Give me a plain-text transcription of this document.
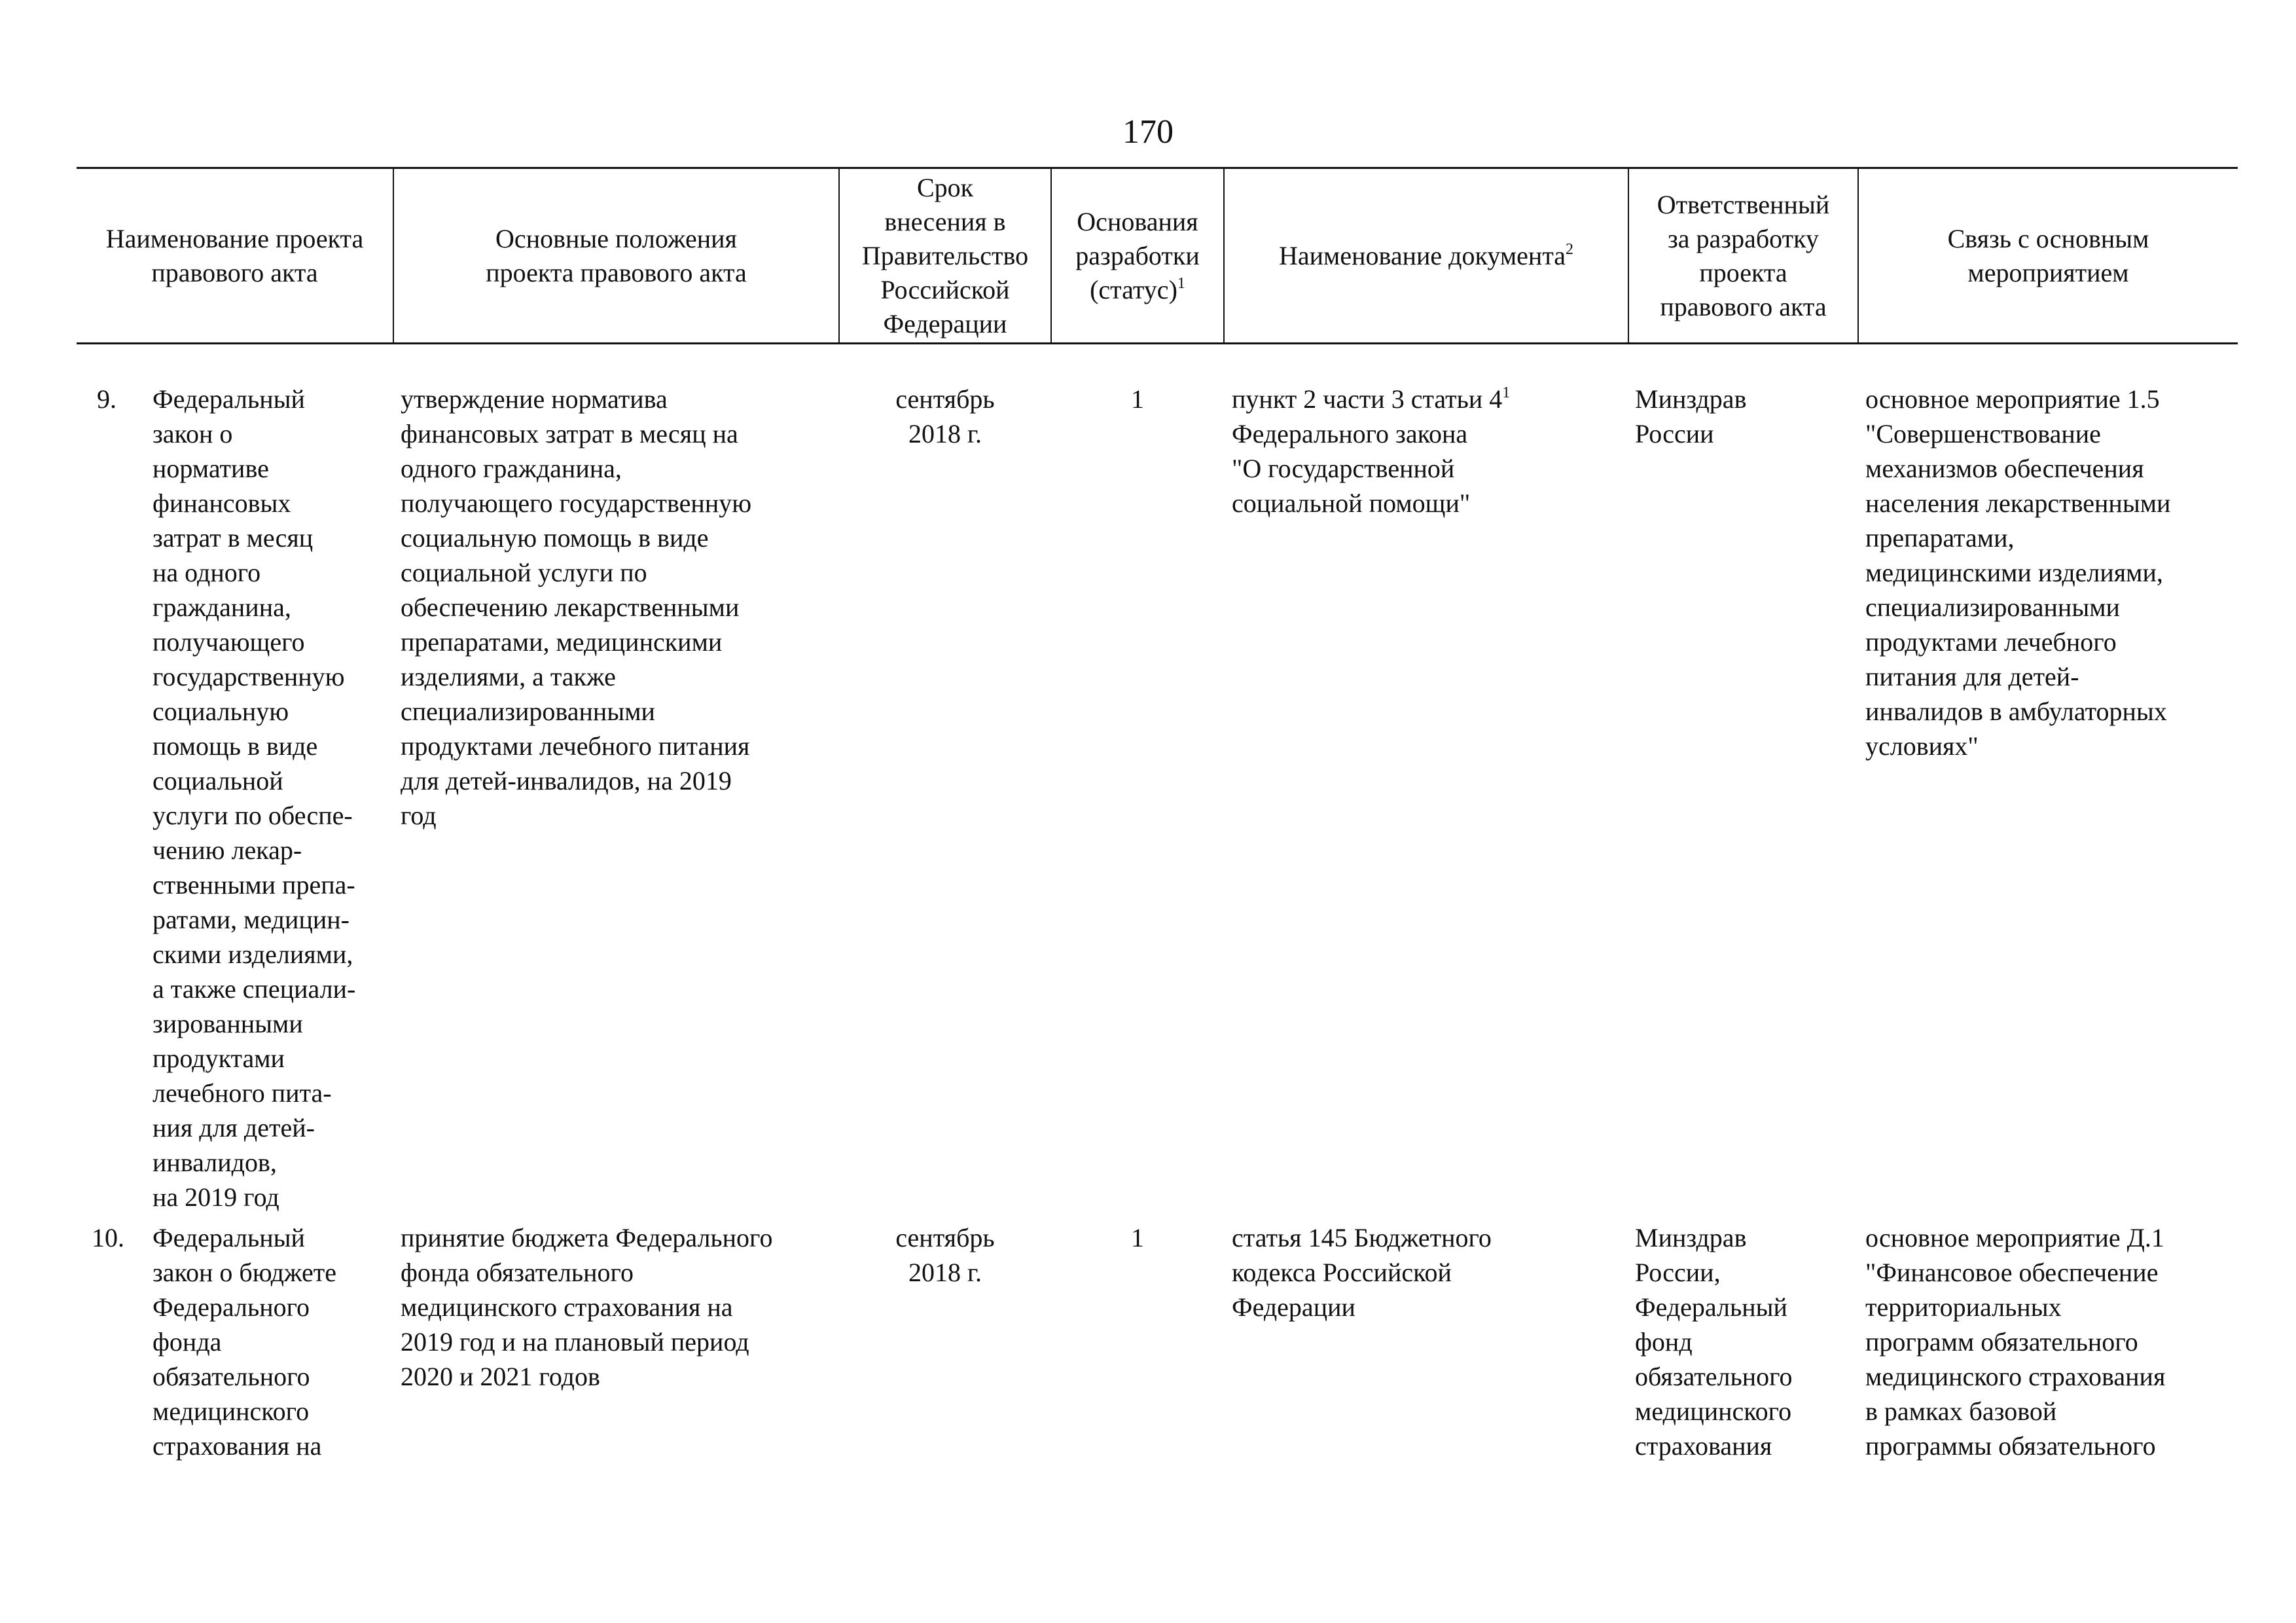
170
Наименование проекта
правового акта
Основные положения
проекта правового акта
Срок
внесения в
Правительство
Российской
Федерации
Основания
разработки
(статус)$^1$
Наименование документа$^2$
Ответственный
за разработку
проекта
правового акта
Связь с основным
мероприятием
9. Федеральный
закон о
нормативе
финансовых
затрат в месяц
на одного
гражданина,
получающего
государственную
социальную
помощь в виде
социальной
услуги по обеспе-
чению лекар-
ственными препа-
ратами, медицин-
скими изделиями,
а также специали-
зированными
продуктами
лечебного пита-
ния для детей-
инвалидов,
на 2019 год
утверждение норматива
финансовых затрат в месяц на
одного гражданина,
получающего государственную
социальную помощь в виде
социальной услуги по
обеспечению лекарственными
препаратами, медицинскими
изделиями, а также
специализированными
продуктами лечебного питания
для детей-инвалидов, на 2019
год
сентябрь
2018 г.
1	пункт 2 части 3 статьи $4^1$
Федерального закона
"О государственной
социальной помощи"
Минздрав
России
основное мероприятие 1.5
"Совершенствование
механизмов обеспечения
населения лекарственными
препаратами,
медицинскими изделиями,
специализированными
продуктами лечебного
питания для детей-
инвалидов в амбулаторных
условиях"
10. Федеральный
закон о бюджете
Федерального
фонда
обязательного
медицинского
страхования на
принятие бюджета Федерального
фонда обязательного
медицинского страхования на
2019 год и на плановый период
2020 и 2021 годов
сентябрь
2018 г.
1	статья 145 Бюджетного
кодекса Российской
Федерации
Минздрав
России,
Федеральный
фонд
обязательного
медицинского
страхования
основное мероприятие Д.1
"Финансовое обеспечение
территориальных
программ обязательного
медицинского страхования
в рамках базовой
программы обязательного
